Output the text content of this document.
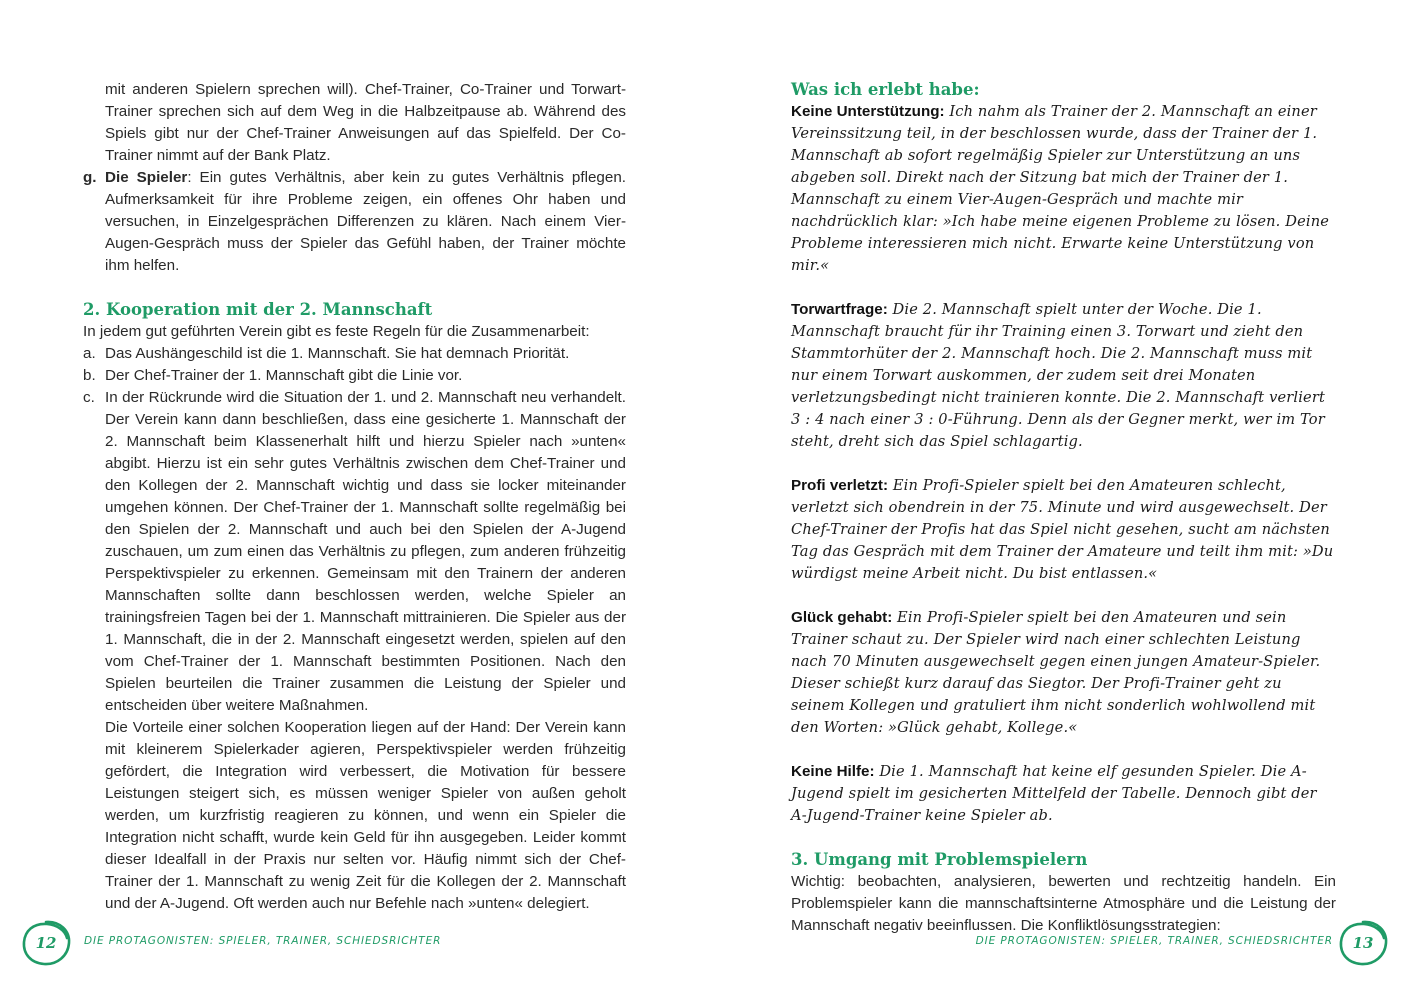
mit anderen Spielern sprechen will). Chef-Trainer, Co-Trainer und Torwart-Trainer sprechen sich auf dem Weg in die Halbzeitpause ab. Während des Spiels gibt nur der Chef-Trainer Anweisungen auf das Spielfeld. Der Co-Trainer nimmt auf der Bank Platz.

g. Die Spieler: Ein gutes Verhältnis, aber kein zu gutes Verhältnis pflegen. Aufmerksamkeit für ihre Probleme zeigen, ein offenes Ohr haben und versuchen, in Einzelgesprächen Differenzen zu klären. Nach einem Vier-Augen-Gespräch muss der Spieler das Gefühl haben, der Trainer möchte ihm helfen.

2. Kooperation mit der 2. Mannschaft

In jedem gut geführten Verein gibt es feste Regeln für die Zusammenarbeit:

a. Das Aushängeschild ist die 1. Mannschaft. Sie hat demnach Priorität.

b. Der Chef-Trainer der 1. Mannschaft gibt die Linie vor.

c. In der Rückrunde wird die Situation der 1. und 2. Mannschaft neu verhandelt. Der Verein kann dann beschließen, dass eine gesicherte 1. Mannschaft der 2. Mannschaft beim Klassenerhalt hilft und hierzu Spieler nach »unten« abgibt. Hierzu ist ein sehr gutes Verhältnis zwischen dem Chef-Trainer und den Kollegen der 2. Mannschaft wichtig und dass sie locker miteinander umgehen können. Der Chef-Trainer der 1. Mannschaft sollte regelmäßig bei den Spielen der 2. Mannschaft und auch bei den Spielen der A-Jugend zuschauen, um zum einen das Verhältnis zu pflegen, zum anderen frühzeitig Perspektivspieler zu erkennen. Gemeinsam mit den Trainern der anderen Mannschaften sollte dann beschlossen werden, welche Spieler an trainingsfreien Tagen bei der 1. Mannschaft mittrainieren. Die Spieler aus der 1. Mannschaft, die in der 2. Mannschaft eingesetzt werden, spielen auf den vom Chef-Trainer der 1. Mannschaft bestimmten Positionen. Nach den Spielen beurteilen die Trainer zusammen die Leistung der Spieler und entscheiden über weitere Maßnahmen.

Die Vorteile einer solchen Kooperation liegen auf der Hand: Der Verein kann mit kleinerem Spielerkader agieren, Perspektivspieler werden frühzeitig gefördert, die Integration wird verbessert, die Motivation für bessere Leistungen steigert sich, es müssen weniger Spieler von außen geholt werden, um kurzfristig reagieren zu können, und wenn ein Spieler die Integration nicht schafft, wurde kein Geld für ihn ausgegeben. Leider kommt dieser Idealfall in der Praxis nur selten vor. Häufig nimmt sich der Chef-Trainer der 1. Mannschaft zu wenig Zeit für die Kollegen der 2. Mannschaft und der A-Jugend. Oft werden auch nur Befehle nach »unten« delegiert.

12	DIE PROTAGONISTEN: SPIELER, TRAINER, SCHIEDSRICHTER
Was ich erlebt habe:

Keine Unterstützung: Ich nahm als Trainer der 2. Mannschaft an einer Vereinssitzung teil, in der beschlossen wurde, dass der Trainer der 1. Mannschaft ab sofort regelmäßig Spieler zur Unterstützung an uns abgeben soll. Direkt nach der Sitzung bat mich der Trainer der 1. Mannschaft zu einem Vier-Augen-Gespräch und machte mir nachdrücklich klar: »Ich habe meine eigenen Probleme zu lösen. Deine Probleme interessieren mich nicht. Erwarte keine Unterstützung von mir.«

Torwartfrage: Die 2. Mannschaft spielt unter der Woche. Die 1. Mannschaft braucht für ihr Training einen 3. Torwart und zieht den Stammtorhüter der 2. Mannschaft hoch. Die 2. Mannschaft muss mit nur einem Torwart auskommen, der zudem seit drei Monaten verletzungsbedingt nicht trainieren konnte. Die 2. Mannschaft verliert 3 : 4 nach einer 3 : 0-Führung. Denn als der Gegner merkt, wer im Tor steht, dreht sich das Spiel schlagartig.

Profi verletzt: Ein Profi-Spieler spielt bei den Amateuren schlecht, verletzt sich obendrein in der 75. Minute und wird ausgewechselt. Der Chef-Trainer der Profis hat das Spiel nicht gesehen, sucht am nächsten Tag das Gespräch mit dem Trainer der Amateure und teilt ihm mit: »Du würdigst meine Arbeit nicht. Du bist entlassen.«

Glück gehabt: Ein Profi-Spieler spielt bei den Amateuren und sein Trainer schaut zu. Der Spieler wird nach einer schlechten Leistung nach 70 Minuten ausgewechselt gegen einen jungen Amateur-Spieler. Dieser schießt kurz darauf das Siegtor. Der Profi-Trainer geht zu seinem Kollegen und gratuliert ihm nicht sonderlich wohlwollend mit den Worten: »Glück gehabt, Kollege.«

Keine Hilfe: Die 1. Mannschaft hat keine elf gesunden Spieler. Die A-Jugend spielt im gesicherten Mittelfeld der Tabelle. Dennoch gibt der A-Jugend-Trainer keine Spieler ab.

3. Umgang mit Problemspielern

Wichtig: beobachten, analysieren, bewerten und rechtzeitig handeln. Ein Problemspieler kann die mannschaftsinterne Atmosphäre und die Leistung der Mannschaft negativ beeinflussen. Die Konfliktlösungsstrategien:

DIE PROTAGONISTEN: SPIELER, TRAINER, SCHIEDSRICHTER	13
